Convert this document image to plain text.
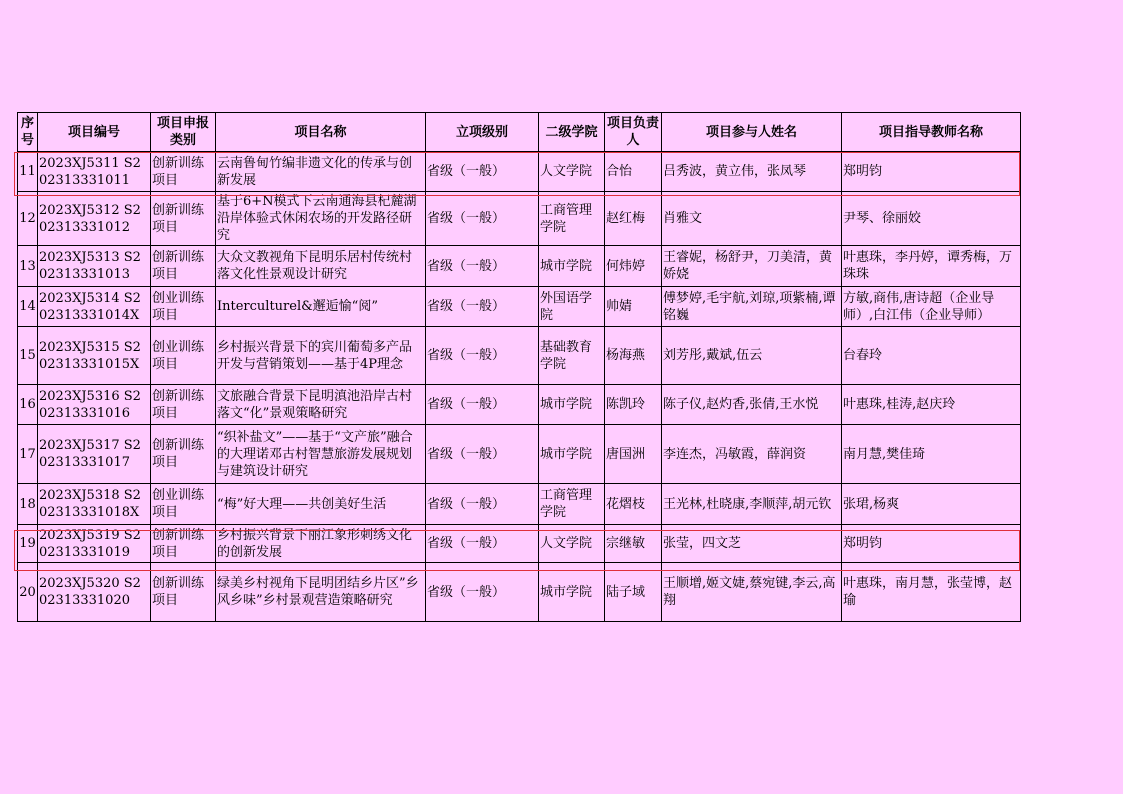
序号	项目编号	项目申报类别	项目名称	立项级别	二级学院	项目负责人	项目参与人姓名	项目指导教师名称
11	2023XJ5311 S202313331011	创新训练项目	云南鲁甸竹编非遗文化的传承与创新发展	省级（一般）	人文学院	合怡	吕秀波，黄立伟，张凤琴	郑明钧
12	2023XJ5312 S202313331012	创新训练项目	基于6+N模式下云南通海县杞麓湖沿岸体验式休闲农场的开发路径研究	省级（一般）	工商管理学院	赵红梅	肖雅文	尹琴、徐丽姣
13	2023XJ5313 S202313331013	创新训练项目	大众文教视角下昆明乐居村传统村落文化性景观设计研究	省级（一般）	城市学院	何炜婷	王睿妮，杨舒尹，刀美清，黄娇娆	叶惠珠，李丹婷，谭秀梅，万珠珠
14	2023XJ5314 S202313331014X	创业训练项目	Interculturel&邂逅愉“阅”	省级（一般）	外国语学院	帅婧	傅梦婷,毛宇航,刘琼,项紫楠,谭铭巍	方敏,商伟,唐诗超（企业导师）,白江伟（企业导师）
15	2023XJ5315 S202313331015X	创业训练项目	乡村振兴背景下的宾川葡萄多产品开发与营销策划——基于4P理念	省级（一般）	基础教育学院	杨海燕	刘芳彤,戴斌,伍云	台春玲
16	2023XJ5316 S202313331016	创新训练项目	文旅融合背景下昆明滇池沿岸古村落文“化”景观策略研究	省级（一般）	城市学院	陈凯玲	陈子仪,赵灼香,张倩,王水悦	叶惠珠,桂涛,赵庆玲
17	2023XJ5317 S202313331017	创新训练项目	“织补盐文”——基于“文产旅”融合的大理诺邓古村智慧旅游发展规划与建筑设计研究	省级（一般）	城市学院	唐国洲	李连杰，冯敏霞，薛润资	南月慧,樊佳琦
18	2023XJ5318 S202313331018X	创业训练项目	“梅”好大理——共创美好生活	省级（一般）	工商管理学院	花熠枝	王光林,杜晓康,李顺萍,胡元钦	张珺,杨爽
19	2023XJ5319 S202313331019	创新训练项目	乡村振兴背景下丽江象形刺绣文化的创新发展	省级（一般）	人文学院	宗继敏	张莹，四文芝	郑明钧
20	2023XJ5320 S202313331020	创新训练项目	绿美乡村视角下昆明团结乡片区”乡风乡味”乡村景观营造策略研究	省级（一般）	城市学院	陆子域	王顺增,姬文婕,蔡宛键,李云,高翔	叶惠珠，南月慧，张莹博，赵瑜
